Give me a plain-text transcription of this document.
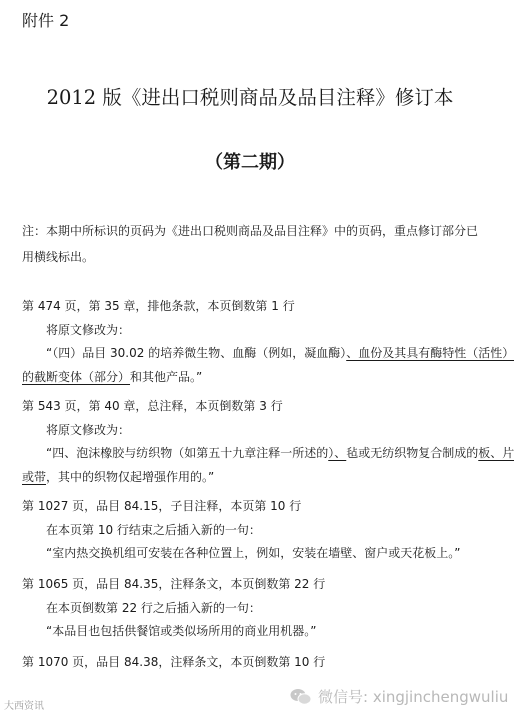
附件 2
2012 版《进出口税则商品及品目注释》修订本
（第二期）
注：本期中所标识的页码为《进出口税则商品及品目注释》中的页码，重点修订部分已用横线标出。
第 474 页，第 35 章，排他条款，本页倒数第 1 行
将原文修改为：
“（四）品目 30.02 的培养微生物、血酶（例如，凝血酶）、血份及其具有酶特性（活性）
的截断变体（部分）和其他产品。”
第 543 页，第 40 章，总注释，本页倒数第 3 行
将原文修改为：
“四、泡沫橡胶与纺织物（如第五十九章注释一所述的）、毡或无纺织物复合制成的板、片
或带，其中的织物仅起增强作用的。”
第 1027 页，品目 84.15，子目注释，本页第 10 行
在本页第 10 行结束之后插入新的一句：
“室内热交换机组可安装在各种位置上，例如，安装在墙壁、窗户或天花板上。”
第 1065 页，品目 84.35，注释条文，本页倒数第 22 行
在本页倒数第 22 行之后插入新的一句：
“本品目也包括供餐馆或类似场所用的商业用机器。”
第 1070 页，品目 84.38，注释条文，本页倒数第 10 行
大西资讯
微信号: xingjinchengwuliu
